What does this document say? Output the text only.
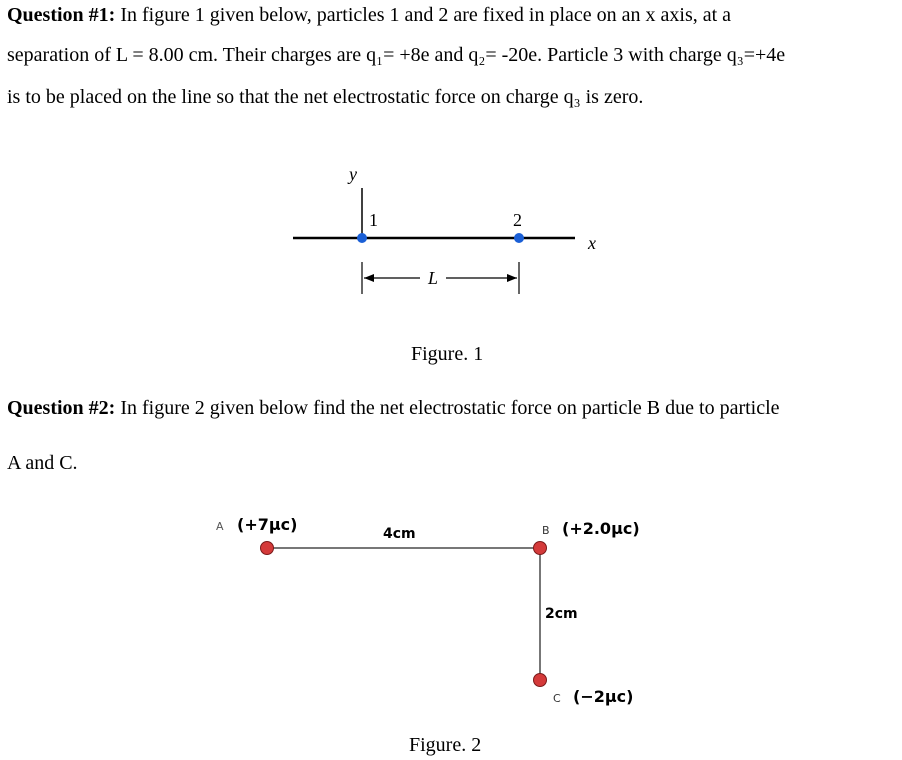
Question #1: In figure 1 given below, particles 1 and 2 are fixed in place on an x axis, at a
separation of L = 8.00 cm. Their charges are q₁= +8e and q₂= -20e. Particle 3 with charge q₃=+4e
is to be placed on the line so that the net electrostatic force on charge q₃ is zero.
y
x
1	2
L
A (+7μc)	4cm	B (+2.0μc)
2cm
C (−2μc)
Figure. 1
Question #2: In figure 2 given below find the net electrostatic force on particle B due to particle
A and C.
Figure. 2
